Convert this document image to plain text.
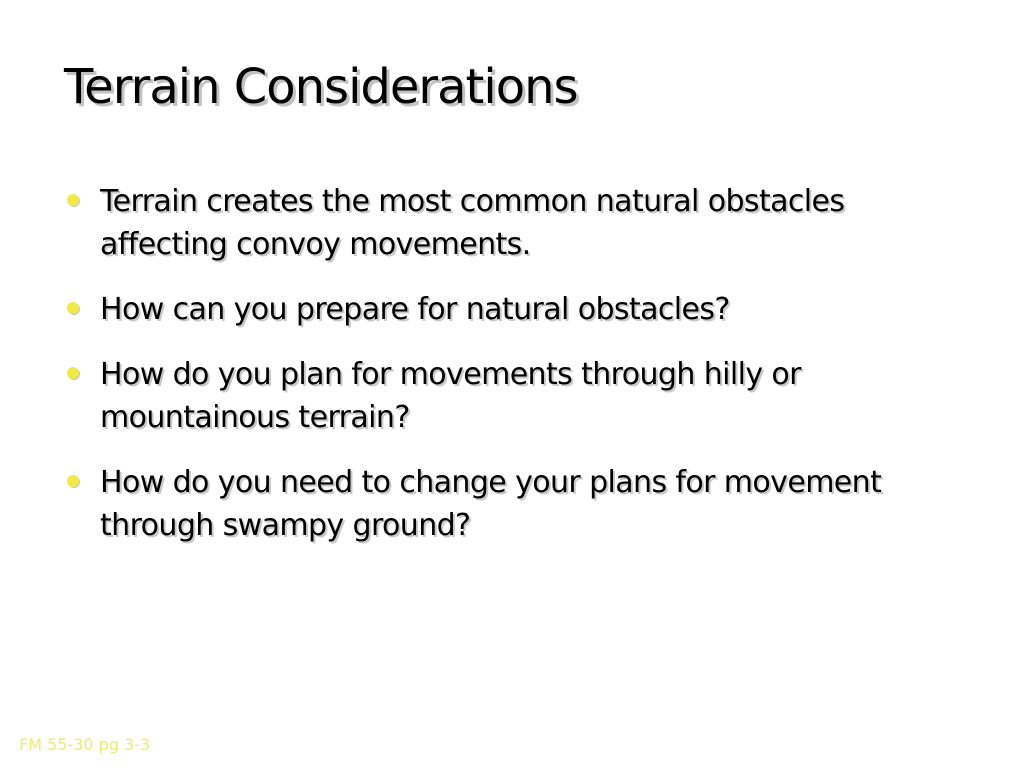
Terrain Considerations
Terrain creates the most common natural obstacles affecting convoy movements.
How can you prepare for natural obstacles?
How do you plan for movements through hilly or mountainous terrain?
How do you need to change your plans for movement through swampy ground?
FM 55-30 pg 3-3
